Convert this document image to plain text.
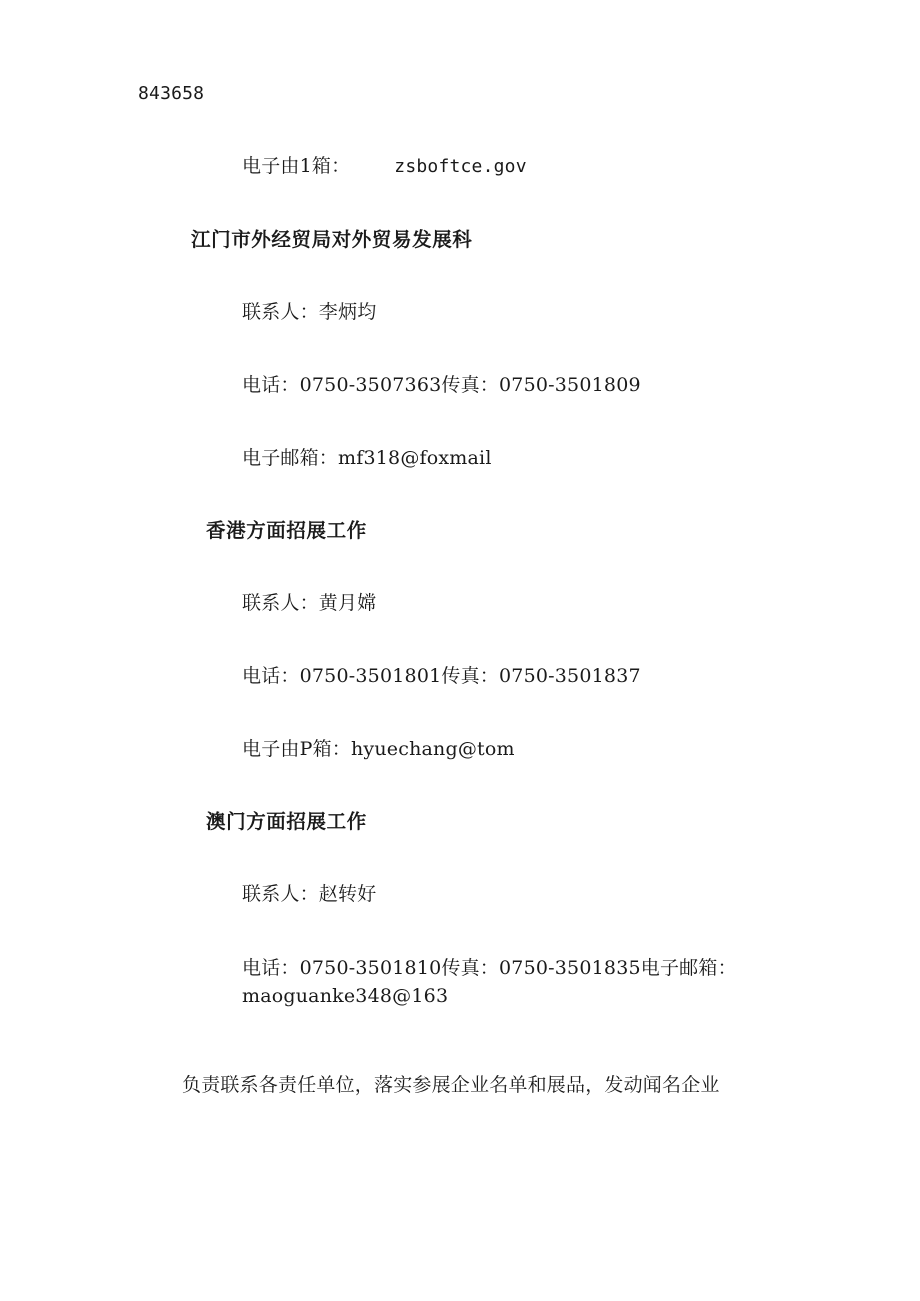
843658
电子由1箱： zsboftce.gov
江门市外经贸局对外贸易发展科
联系人：李炳均
电话：0750-3507363传真：0750-3501809
电子邮箱：mf318@foxmail
香港方面招展工作
联系人：黄月嫦
电话：0750-3501801传真：0750-3501837
电子由P箱：hyuechang@tom
澳门方面招展工作
联系人：赵转好
电话：0750-3501810传真：0750-3501835电子邮箱：
maoguanke348@163
负责联系各责任单位，落实参展企业名单和展品，发动闻名企业
